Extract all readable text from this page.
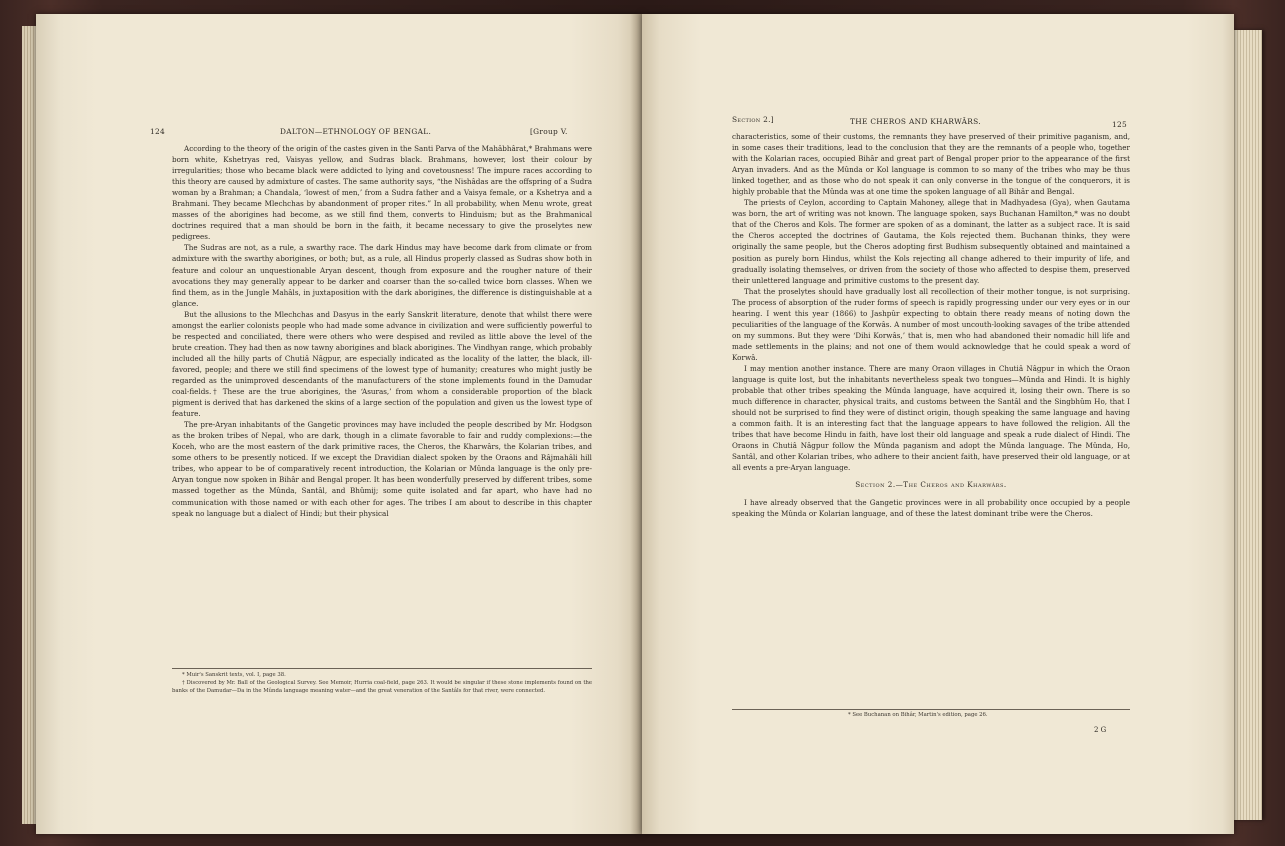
124	DALTON—ETHNOLOGY OF BENGAL.	[Group V.

According to the theory of the origin of the castes given in the Santi Parva of the Mahâbhârat,* Brahmans were born white, Kshetryas red, Vaisyas yellow, and Sudras black. Brahmans, however, lost their colour by irregularities; those who became black were addicted to lying and covetousness! The impure races according to this theory are caused by admixture of castes. The same authority says, “the Nishâdas are the offspring of a Sudra woman by a Brahman; a Chandala, ‘lowest of men,’ from a Sudra father and a Vaisya female, or a Kshetrya and a Brahmani. They became Mlechchas by abandonment of proper rites.” In all probability, when Menu wrote, great masses of the aborigines had become, as we still find them, converts to Hinduism; but as the Brahmanical doctrines required that a man should be born in the faith, it became necessary to give the proselytes new pedigrees.

The Sudras are not, as a rule, a swarthy race. The dark Hindus may have become dark from climate or from admixture with the swarthy aborigines, or both; but, as a rule, all Hindus properly classed as Sudras show both in feature and colour an unquestionable Aryan descent, though from exposure and the rougher nature of their avocations they may generally appear to be darker and coarser than the so-called twice born classes. When we find them, as in the Jungle Mahâls, in juxtaposition with the dark aborigines, the difference is distinguishable at a glance.

But the allusions to the Mlechchas and Dasyus in the early Sanskrit literature, denote that whilst there were amongst the earlier colonists people who had made some advance in civilization and were sufficiently powerful to be respected and conciliated, there were others who were despised and reviled as little above the level of the brute creation. They had then as now tawny aborigines and black aborigines. The Vindhyan range, which probably included all the hilly parts of Chutiâ Nâgpur, are especially indicated as the locality of the latter, the black, ill-favored, people; and there we still find specimens of the lowest type of humanity; creatures who might justly be regarded as the unimproved descendants of the manufacturers of the stone implements found in the Damudar coal-fields.† These are the true aborigines, the ‘Asuras,’ from whom a considerable proportion of the black pigment is derived that has darkened the skins of a large section of the population and given us the lowest type of feature.

The pre-Aryan inhabitants of the Gangetic provinces may have included the people described by Mr. Hodgson as the broken tribes of Nepal, who are dark, though in a climate favorable to fair and ruddy complexions:—the Koceh, who are the most eastern of the dark primitive races, the Cheros, the Kharwârs, the Kolarian tribes, and some others to be presently noticed. If we except the Dravidian dialect spoken by the Oraons and Râjmahâli hill tribes, who appear to be of comparatively recent introduction, the Kolarian or Mûnda language is the only pre-Aryan tongue now spoken in Bihâr and Bengal proper. It has been wonderfully preserved by different tribes, some massed together as the Mûnda, Santâl, and Bhûmij; some quite isolated and far apart, who have had no communication with those named or with each other for ages. The tribes I am about to describe in this chapter speak no language but a dialect of Hindi; but their physical

* Muir's Sanskrit texts, vol. I, page 38.

† Discovered by Mr. Ball of the Geological Survey. See Memoir, Hurria coal-field, page 263. It would be singular if these stone implements found on the banks of the Damudar—Da in the Mûnda language meaning water—and the great veneration of the Santâls for that river, were connected.

Section 2.]	THE CHEROS AND KHARWÂRS.	125

characteristics, some of their customs, the remnants they have preserved of their primitive paganism, and, in some cases their traditions, lead to the conclusion that they are the remnants of a people who, together with the Kolarian races, occupied Bihâr and great part of Bengal proper prior to the appearance of the first Aryan invaders. And as the Mûnda or Kol language is common to so many of the tribes who may be thus linked together, and as those who do not speak it can only converse in the tongue of the conquerors, it is highly probable that the Mûnda was at one time the spoken language of all Bihâr and Bengal.

The priests of Ceylon, according to Captain Mahoney, allege that in Madhyadesa (Gya), when Gautama was born, the art of writing was not known. The language spoken, says Buchanan Hamilton,* was no doubt that of the Cheros and Kols. The former are spoken of as a dominant, the latter as a subject race. It is said the Cheros accepted the doctrines of Gautama, the Kols rejected them. Buchanan thinks, they were originally the same people, but the Cheros adopting first Budhism subsequently obtained and maintained a position as purely born Hindus, whilst the Kols rejecting all change adhered to their impurity of life, and gradually isolating themselves, or driven from the society of those who affected to despise them, preserved their unlettered language and primitive customs to the present day.

That the proselytes should have gradually lost all recollection of their mother tongue, is not surprising. The process of absorption of the ruder forms of speech is rapidly progressing under our very eyes or in our hearing. I went this year (1866) to Jashpûr expecting to obtain there ready means of noting down the peculiarities of the language of the Korwâs. A number of most uncouth-looking savages of the tribe attended on my summons. But they were ‘Dihi Korwâs,’ that is, men who had abandoned their nomadic hill life and made settlements in the plains; and not one of them would acknowledge that he could speak a word of Korwâ.

I may mention another instance. There are many Oraon villages in Chutiâ Nâgpur in which the Oraon language is quite lost, but the inhabitants nevertheless speak two tongues—Mûnda and Hindi. It is highly probable that other tribes speaking the Mûnda language, have acquired it, losing their own. There is so much difference in character, physical traits, and customs between the Santâl and the Singbhûm Ho, that I should not be surprised to find they were of distinct origin, though speaking the same language and having a common faith. It is an interesting fact that the language appears to have followed the religion. All the tribes that have become Hindu in faith, have lost their old language and speak a rude dialect of Hindi. The Oraons in Chutiâ Nâgpur follow the Mûnda paganism and adopt the Mûnda language. The Mûnda, Ho, Santâl, and other Kolarian tribes, who adhere to their ancient faith, have preserved their old language, or at all events a pre-Aryan language.

Section 2.—The Cheros and Kharwârs.

I have already observed that the Gangetic provinces were in all probability once occupied by a people speaking the Mûnda or Kolarian language, and of these the latest dominant tribe were the Cheros.

* See Buchanan on Bihâr, Martin's edition, page 26.

2 G
